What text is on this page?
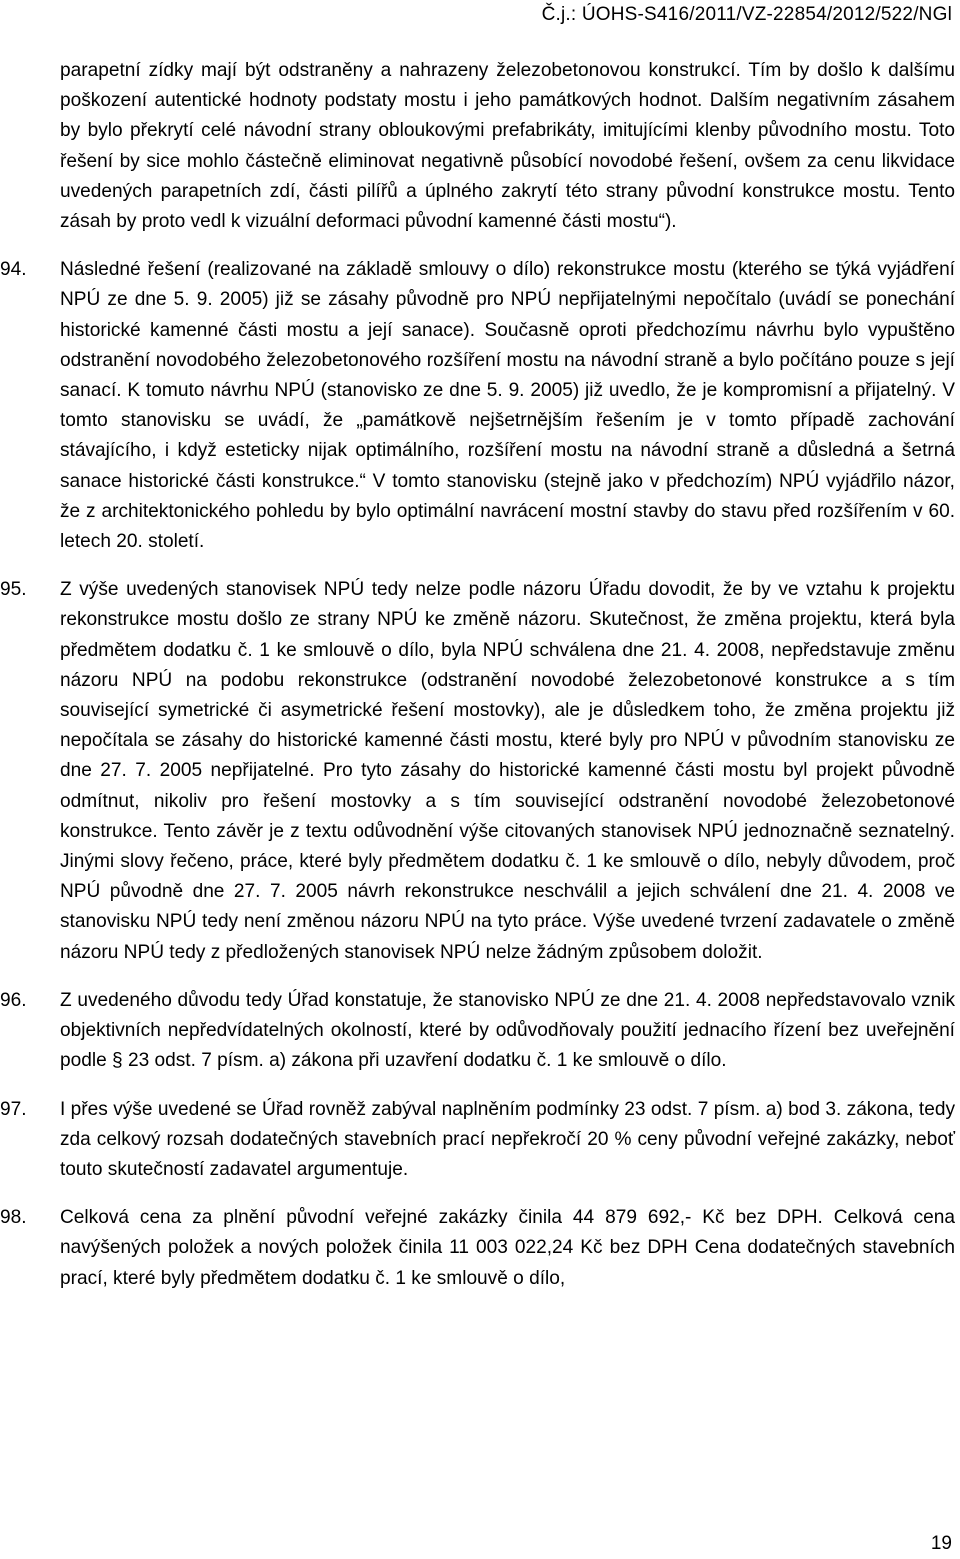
Č.j.: ÚOHS-S416/2011/VZ-22854/2012/522/NGl

parapetní zídky mají být odstraněny a nahrazeny železobetonovou konstrukcí. Tím by došlo k dalšímu poškození autentické hodnoty podstaty mostu i jeho památkových hodnot. Dalším negativním zásahem by bylo překrytí celé návodní strany obloukovými prefabrikáty, imitujícími klenby původního mostu. Toto řešení by sice mohlo částečně eliminovat negativně působící novodobé řešení, ovšem za cenu likvidace uvedených parapetních zdí, části pilířů a úplného zakrytí této strany původní konstrukce mostu. Tento zásah by proto vedl k vizuální deformaci původní kamenné části mostu“).

94.	Následné řešení (realizované na základě smlouvy o dílo) rekonstrukce mostu (kterého se týká vyjádření NPÚ ze dne 5. 9. 2005) již se zásahy původně pro NPÚ nepřijatelnými nepočítalo (uvádí se ponechání historické kamenné části mostu a její sanace). Současně oproti předchozímu návrhu bylo vypuštěno odstranění novodobého železobetonového rozšíření mostu na návodní straně a bylo počítáno pouze s její sanací. K tomuto návrhu NPÚ (stanovisko ze dne 5. 9. 2005) již uvedlo, že je kompromisní a přijatelný. V tomto stanovisku se uvádí, že „památkově nejšetrnějším řešením je v tomto případě zachování stávajícího, i když esteticky nijak optimálního, rozšíření mostu na návodní straně a důsledná a šetrná sanace historické části konstrukce.“ V tomto stanovisku (stejně jako v předchozím) NPÚ vyjádřilo názor, že z architektonického pohledu by bylo optimální navrácení mostní stavby do stavu před rozšířením v 60. letech 20. století.

95.	Z výše uvedených stanovisek NPÚ tedy nelze podle názoru Úřadu dovodit, že by ve vztahu k projektu rekonstrukce mostu došlo ze strany NPÚ ke změně názoru. Skutečnost, že změna projektu, která byla předmětem dodatku č. 1 ke smlouvě o dílo, byla NPÚ schválena dne 21. 4. 2008, nepředstavuje změnu názoru NPÚ na podobu rekonstrukce (odstranění novodobé železobetonové konstrukce a s tím související symetrické či asymetrické řešení mostovky), ale je důsledkem toho, že změna projektu již nepočítala se zásahy do historické kamenné části mostu, které byly pro NPÚ v původním stanovisku ze dne 27. 7. 2005 nepřijatelné. Pro tyto zásahy do historické kamenné části mostu byl projekt původně odmítnut, nikoliv pro řešení mostovky a s tím související odstranění novodobé železobetonové konstrukce. Tento závěr je z textu odůvodnění výše citovaných stanovisek NPÚ jednoznačně seznatelný. Jinými slovy řečeno, práce, které byly předmětem dodatku č. 1 ke smlouvě o dílo, nebyly důvodem, proč NPÚ původně dne 27. 7. 2005 návrh rekonstrukce neschválil a jejich schválení dne 21. 4. 2008 ve stanovisku NPÚ tedy není změnou názoru NPÚ na tyto práce. Výše uvedené tvrzení zadavatele o změně názoru NPÚ tedy z předložených stanovisek NPÚ nelze žádným způsobem doložit.

96.	Z uvedeného důvodu tedy Úřad konstatuje, že stanovisko NPÚ ze dne 21. 4. 2008 nepředstavovalo vznik objektivních nepředvídatelných okolností, které by odůvodňovaly použití jednacího řízení bez uveřejnění podle § 23 odst. 7 písm. a) zákona při uzavření dodatku č. 1 ke smlouvě o dílo.

97.	I přes výše uvedené se Úřad rovněž zabýval naplněním podmínky 23 odst. 7 písm. a) bod 3. zákona, tedy zda celkový rozsah dodatečných stavebních prací nepřekročí 20 % ceny původní veřejné zakázky, neboť touto skutečností zadavatel argumentuje.

98.	Celková cena za plnění původní veřejné zakázky činila 44 879 692,- Kč bez DPH. Celková cena navýšených položek a nových položek činila 11 003 022,24 Kč bez DPH Cena dodatečných stavebních prací, které byly předmětem dodatku č. 1 ke smlouvě o dílo,

19
